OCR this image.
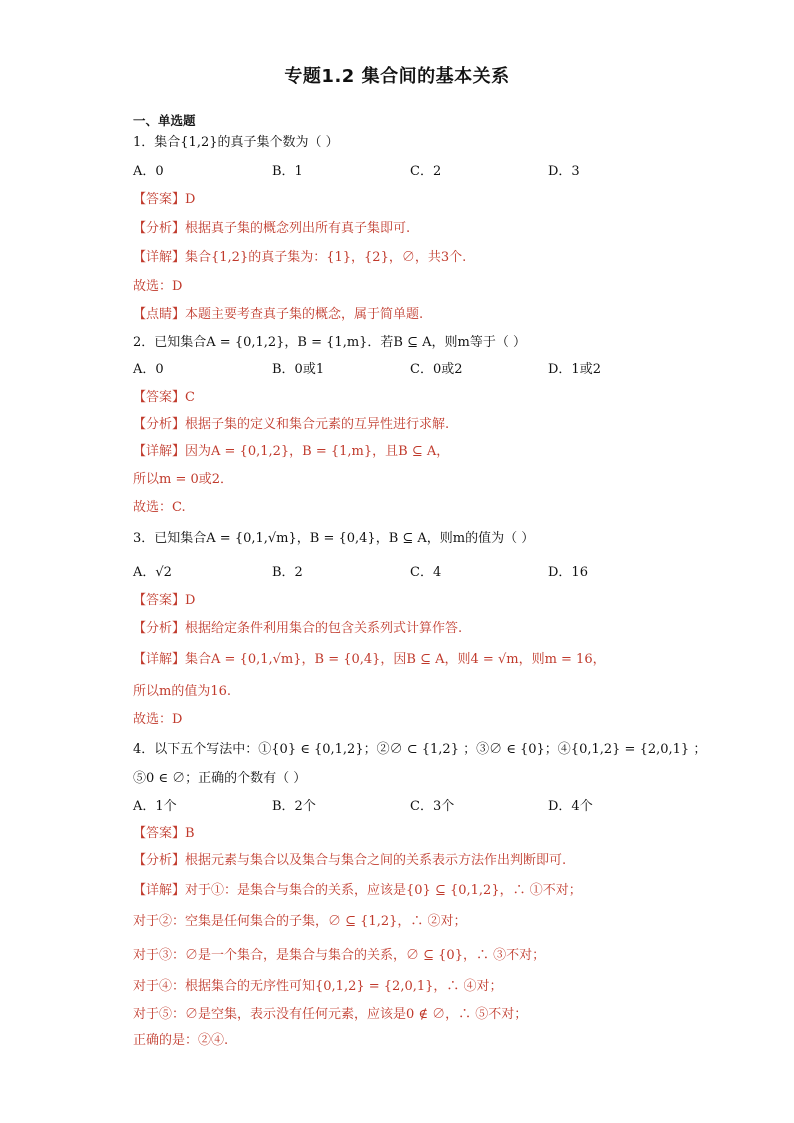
专题1.2 集合间的基本关系
一、单选题
1．集合{1,2}的真子集个数为（ ）
A．0	B．1	C．2	D．3
【答案】D
【分析】根据真子集的概念列出所有真子集即可.
【详解】集合{1,2}的真子集为：{1}，{2}，∅，共3个.
故选：D
【点睛】本题主要考查真子集的概念，属于简单题.
2．已知集合A = {0,1,2}，B = {1,m}．若B ⊆ A，则m等于（ ）
A．0	B．0或1	C．0或2	D．1或2
【答案】C
【分析】根据子集的定义和集合元素的互异性进行求解.
【详解】因为A = {0,1,2}，B = {1,m}，且B ⊆ A，
所以m = 0或2．
故选：C.
3．已知集合A = {0,1,√m}，B = {0,4}，B ⊆ A，则m的值为（ ）
A．√2	B．2	C．4	D．16
【答案】D
【分析】根据给定条件利用集合的包含关系列式计算作答.
【详解】集合A = {0,1,√m}，B = {0,4}，因B ⊆ A，则4 = √m，则m = 16，
所以m的值为16.
故选：D
4．以下五个写法中：①{0} ∈ {0,1,2}；②∅ ⊂ {1,2} ；③∅ ∈ {0}；④{0,1,2} = {2,0,1} ；
⑤0 ∈ ∅；正确的个数有（ ）
A．1个	B．2个	C．3个	D．4个
【答案】B
【分析】根据元素与集合以及集合与集合之间的关系表示方法作出判断即可.
【详解】对于①：是集合与集合的关系，应该是{0} ⊆ {0,1,2}，∴ ①不对；
对于②：空集是任何集合的子集，∅ ⊆ {1,2}，∴ ②对；
对于③：∅是一个集合，是集合与集合的关系，∅ ⊆ {0}，∴ ③不对；
对于④：根据集合的无序性可知{0,1,2} = {2,0,1}，∴ ④对；
对于⑤：∅是空集，表示没有任何元素，应该是0 ∉ ∅，∴ ⑤不对；
正确的是：②④.
